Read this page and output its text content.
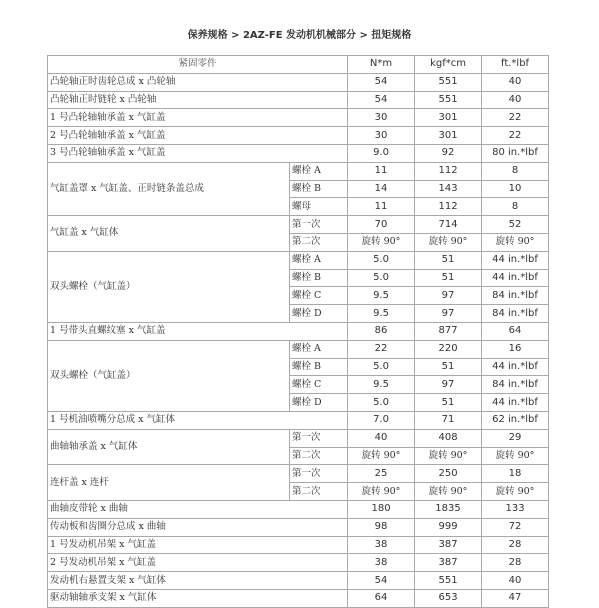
保养规格 > 2AZ-FE 发动机机械部分 > 扭矩规格
紧固零件		N*m	kgf*cm	ft.*lbf
凸轮轴正时齿轮总成 x 凸轮轴		54	551	40
凸轮轴正时链轮 x 凸轮轴		54	551	40
1 号凸轮轴轴承盖 x 气缸盖		30	301	22
2 号凸轮轴轴承盖 x 气缸盖		30	301	22
3 号凸轮轴轴承盖 x 气缸盖		9.0	92	80 in.*lbf
气缸盖罩 x 气缸盖、正时链条盖总成	螺栓 A	11	112	8
	螺栓 B	14	143	10
	螺母	11	112	8
气缸盖 x 气缸体	第一次	70	714	52
	第二次	旋转 90°	旋转 90°	旋转 90°
双头螺栓（气缸盖）	螺栓 A	5.0	51	44 in.*lbf
	螺栓 B	5.0	51	44 in.*lbf
	螺栓 C	9.5	97	84 in.*lbf
	螺栓 D	9.5	97	84 in.*lbf
1 号带头直螺纹塞 x 气缸盖		86	877	64
双头螺栓（气缸盖）	螺栓 A	22	220	16
	螺栓 B	5.0	51	44 in.*lbf
	螺栓 C	9.5	97	84 in.*lbf
	螺栓 D	5.0	51	44 in.*lbf
1 号机油喷嘴分总成 x 气缸体		7.0	71	62 in.*lbf
曲轴轴承盖 x 气缸体	第一次	40	408	29
	第二次	旋转 90°	旋转 90°	旋转 90°
连杆盖 x 连杆	第一次	25	250	18
	第二次	旋转 90°	旋转 90°	旋转 90°
曲轴皮带轮 x 曲轴		180	1835	133
传动板和齿圈分总成 x 曲轴		98	999	72
1 号发动机吊架 x 气缸盖		38	387	28
2 号发动机吊架 x 气缸盖		38	387	28
发动机右悬置支架 x 气缸体		54	551	40
驱动轴轴承支架 x 气缸体		64	653	47
